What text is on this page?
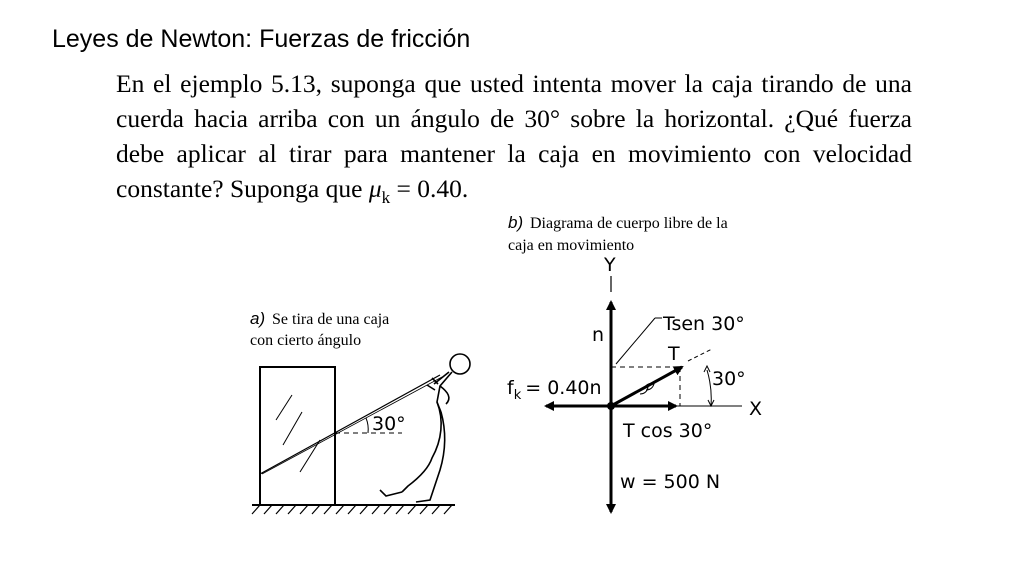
Leyes de Newton: Fuerzas de fricción
En el ejemplo 5.13, suponga que usted intenta mover la caja tirando de una cuerda hacia arriba con un ángulo de 30° sobre la horizontal. ¿Qué fuerza debe aplicar al tirar para mantener la caja en movimiento con velocidad constante? Suponga que $\mu_k = 0.40$.
a) Se tira de una caja
con cierto ángulo
30°
b) Diagrama de cuerpo libre de la
caja en movimiento
Y
X
n
w = 500 N
$f_k = 0.40n$
T
Tsen 30°
30°
T cos 30°
